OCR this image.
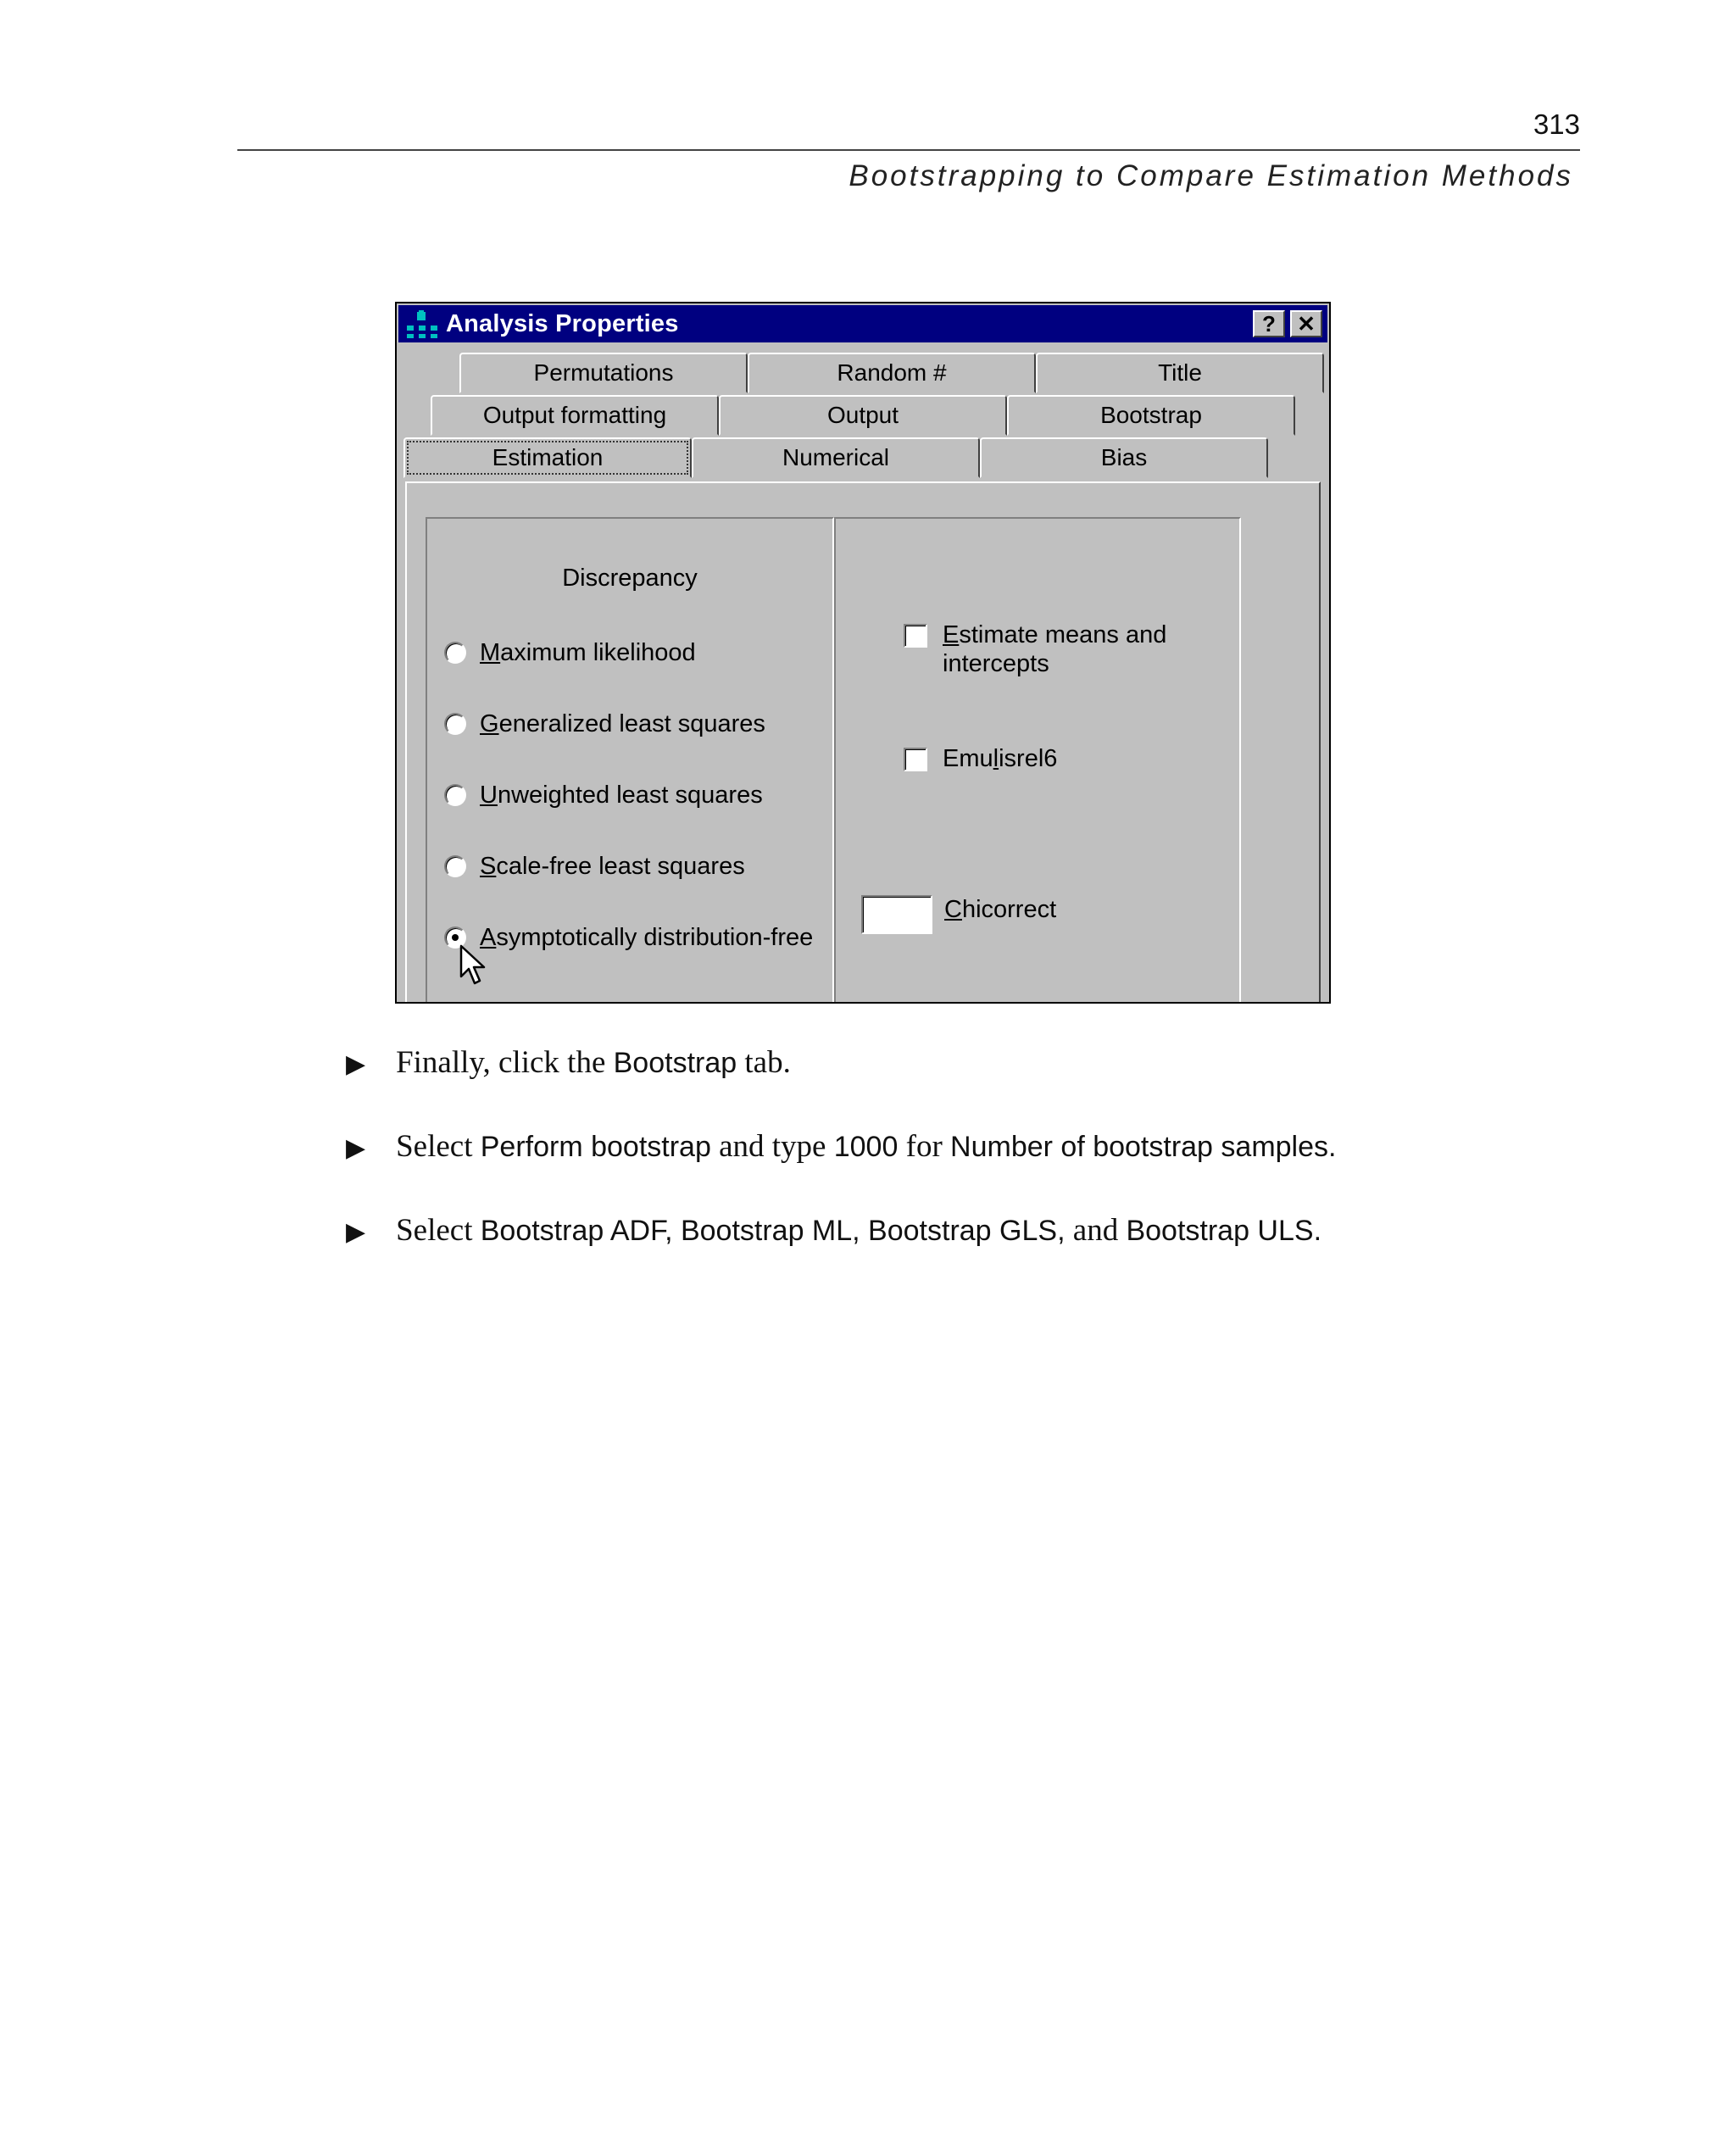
313
Bootstrapping to Compare Estimation Methods
Analysis Properties	? ✕
Permutations	Random #	Title
Output formatting	Output	Bootstrap
Estimation	Numerical	Bias
Discrepancy
Maximum likelihood
Generalized least squares
Unweighted least squares
Scale-free least squares
Asymptotically distribution-free
Estimate means and
intercepts
Emulisrel6
Chicorrect
▶ Finally, click the Bootstrap tab.
▶ Select Perform bootstrap and type 1000 for Number of bootstrap samples.
▶ Select Bootstrap ADF, Bootstrap ML, Bootstrap GLS, and Bootstrap ULS.
